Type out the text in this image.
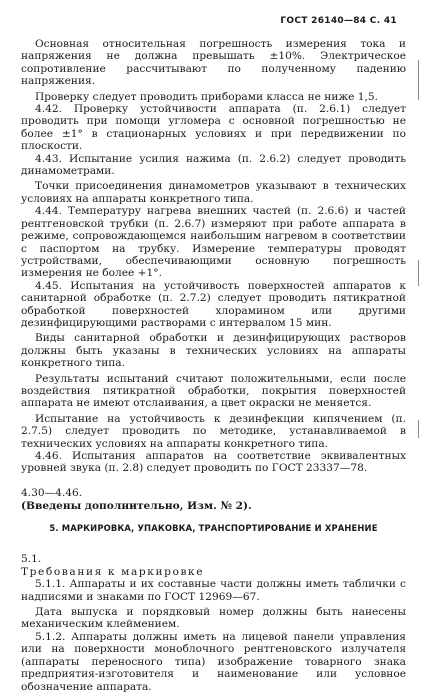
ГОСТ 26140—84 С. 41

Основная относительная погрешность измерения тока и напряжения не должна превышать ±10%. Электрическое сопротивление рассчитывают по полученному падению напряжения.

Проверку следует проводить приборами класса не ниже 1,5.

4.42. Проверку устойчивости аппарата (п. 2.6.1) следует проводить при помощи угломера с основной погрешностью не более ±1° в стационарных условиях и при передвижении по плоскости.

4.43. Испытание усилия нажима (п. 2.6.2) следует проводить динамометрами.

Точки присоединения динамометров указывают в технических условиях на аппараты конкретного типа.

4.44. Температуру нагрева внешних частей (п. 2.6.6) и частей рентгеновской трубки (п. 2.6.7) измеряют при работе аппарата в режиме, сопровождающемся наибольшим нагревом в соответствии с паспортом на трубку. Измерение температуры проводят устройствами, обеспечивающими основную погрешность измерения не более +1°.

4.45. Испытания на устойчивость поверхностей аппаратов к санитарной обработке (п. 2.7.2) следует проводить пятикратной обработкой поверхностей хлорамином или другими дезинфицирующими растворами с интервалом 15 мин.

Виды санитарной обработки и дезинфицирующих растворов должны быть указаны в технических условиях на аппараты конкретного типа.

Результаты испытаний считают положительными, если после воздействия пятикратной обработки, покрытия поверхностей аппарата не имеют отслаивания, а цвет окраски не меняется.

Испытание на устойчивость к дезинфекции кипячением (п. 2.7.5) следует проводить по методике, устанавливаемой в технических условиях на аппараты конкретного типа.

4.46. Испытания аппаратов на соответствие эквивалентных уровней звука (п. 2.8) следует проводить по ГОСТ 23337—78.

4.30—4.46.
(Введены дополнительно, Изм. № 2).

5. МАРКИРОВКА, УПАКОВКА, ТРАНСПОРТИРОВАНИЕ И ХРАНЕНИЕ

5.1.
Требования к маркировке

5.1.1. Аппараты и их составные части должны иметь таблички с надписями и знаками по ГОСТ 12969—67.

Дата выпуска и порядковый номер должны быть нанесены механическим клеймением.

5.1.2. Аппараты должны иметь на лицевой панели управления или на поверхности моноблочного рентгеновского излучателя (аппараты переносного типа) изображение товарного знака предприятия-изготовителя и наименование или условное обозначение аппарата.
